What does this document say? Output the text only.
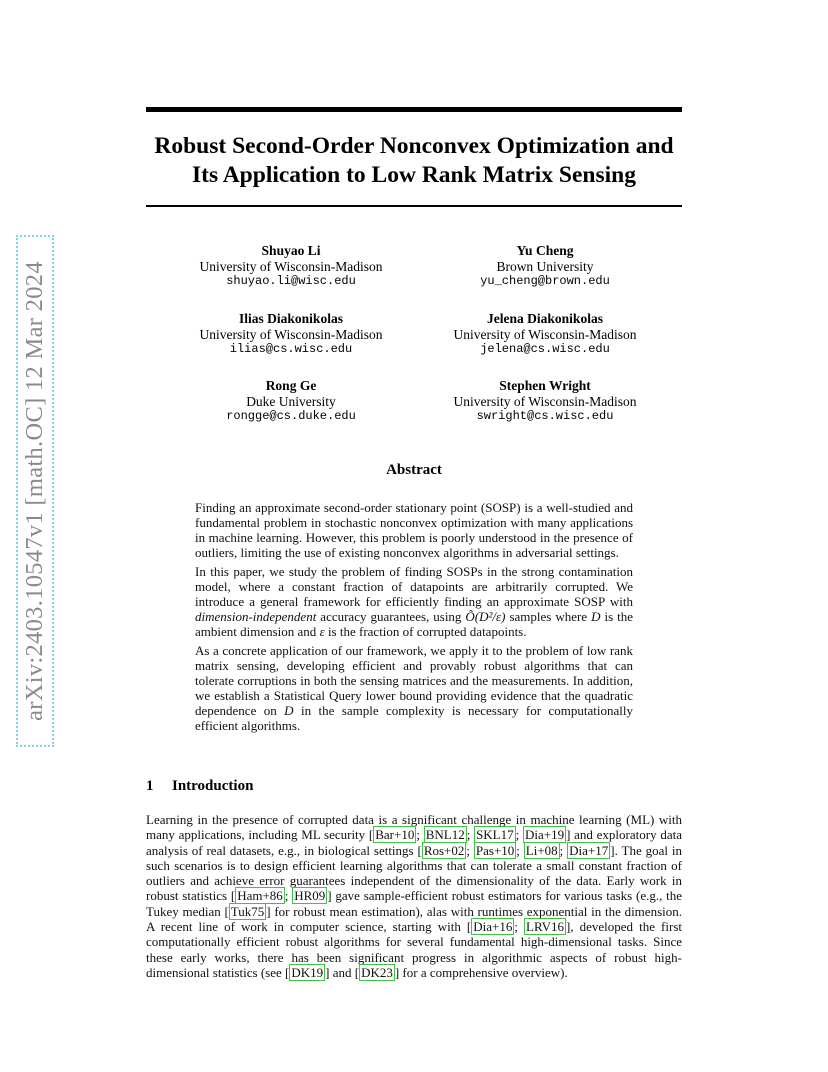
arXiv:2403.10547v1 [math.OC] 12 Mar 2024
Robust Second-Order Nonconvex Optimization and
Its Application to Low Rank Matrix Sensing
Shuyao Li
University of Wisconsin-Madison
shuyao.li@wisc.edu
Yu Cheng
Brown University
yu_cheng@brown.edu
Ilias Diakonikolas
University of Wisconsin-Madison
ilias@cs.wisc.edu
Jelena Diakonikolas
University of Wisconsin-Madison
jelena@cs.wisc.edu
Rong Ge
Duke University
rongge@cs.duke.edu
Stephen Wright
University of Wisconsin-Madison
swright@cs.wisc.edu
Abstract

Finding an approximate second-order stationary point (SOSP) is a well-studied and fundamental problem in stochastic nonconvex optimization with many applications in machine learning. However, this problem is poorly understood in the presence of outliers, limiting the use of existing nonconvex algorithms in adversarial settings.

In this paper, we study the problem of finding SOSPs in the strong contamination model, where a constant fraction of datapoints are arbitrarily corrupted. We introduce a general framework for efficiently finding an approximate SOSP with dimension-independent accuracy guarantees, using Õ(D²/ε) samples where D is the ambient dimension and ε is the fraction of corrupted datapoints.

As a concrete application of our framework, we apply it to the problem of low rank matrix sensing, developing efficient and provably robust algorithms that can tolerate corruptions in both the sensing matrices and the measurements. In addition, we establish a Statistical Query lower bound providing evidence that the quadratic dependence on D in the sample complexity is necessary for computationally efficient algorithms.

1 Introduction

Learning in the presence of corrupted data is a significant challenge in machine learning (ML) with many applications, including ML security [ Bar+10 ; BNL12 ; SKL17 ; Dia+19 ] and exploratory data analysis of real datasets, e.g., in biological settings [ Ros+02 ; Pas+10 ; Li+08 ; Dia+17 ]. The goal in such scenarios is to design efficient learning algorithms that can tolerate a small constant fraction of outliers and achieve error guarantees independent of the dimensionality of the data. Early work in robust statistics [ Ham+86 ; HR09 ] gave sample-efficient robust estimators for various tasks (e.g., the Tukey median [ Tuk75 ] for robust mean estimation), alas with runtimes exponential in the dimension. A recent line of work in computer science, starting with [ Dia+16 ; LRV16 ], developed the first computationally efficient robust algorithms for several fundamental high-dimensional tasks. Since these early works, there has been significant progress in algorithmic aspects of robust high-dimensional statistics (see [ DK19 ] and [ DK23 ] for a comprehensive overview).
